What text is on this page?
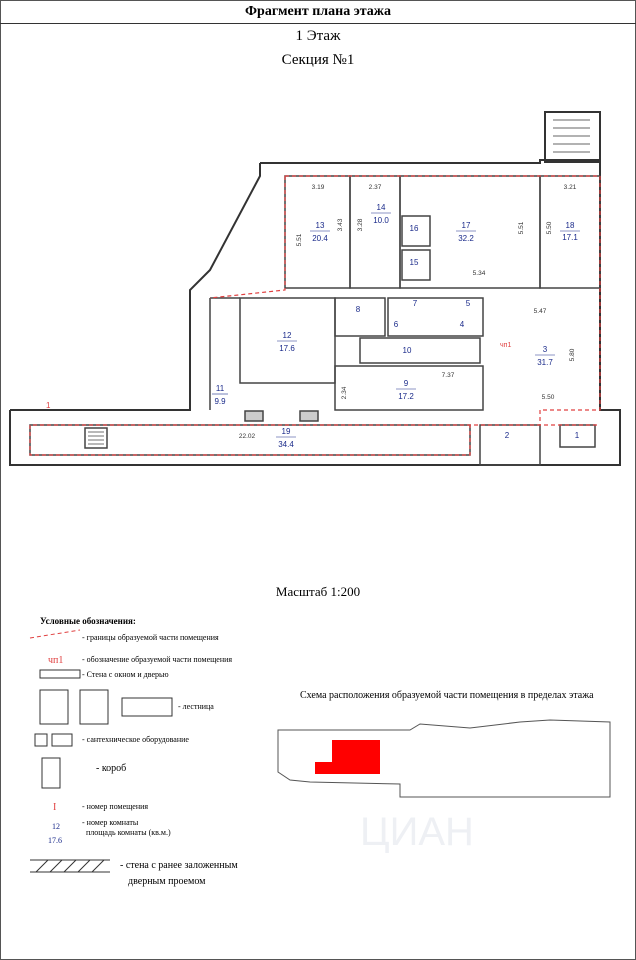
Фрагмент плана этажа
1 Этаж
Секция №1
13
20.4
14
10.0
17
32.2
18
17.1
12
17.6	3
31.7
9
17.2
11
9.9
19
34.4
16
15
8
7	5
6	4
10
2	1
1
чп1
3.19	2.37	3.21
5.51
3.43 3.28	5.51	5.50
5.34
5.47
5.80
7.37
5.50
2.34
22.02
Масштаб 1:200
Условные обозначения:
- границы образуемой части помещения
чп1 - обозначение образуемой части помещения
- Стена с окном и дверью
- лестница
- сантехническое оборудование
- короб
I	- номер помещения
12
17.6
- номер комнаты
площадь комнаты (кв.м.)
- стена с ранее заложенным
дверным проемом
Схема расположения образуемой части помещения в пределах этажа
ЦИАН
